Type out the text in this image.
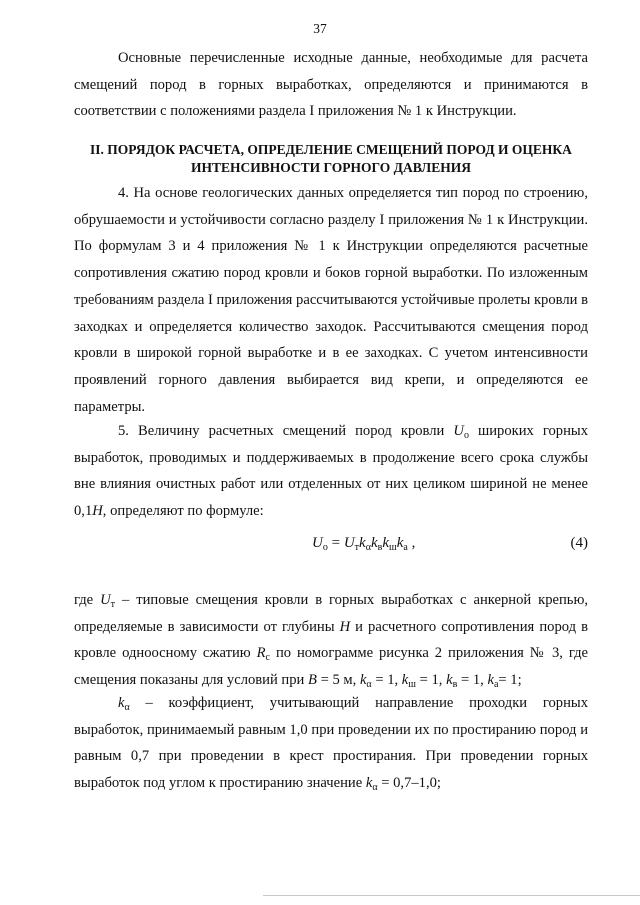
37

Основные перечисленные исходные данные, необходимые для расчета смещений пород в горных выработках, определяются и принимаются в соответствии с положениями раздела I приложения № 1 к Инструкции.

II. ПОРЯДОК РАСЧЕТА, ОПРЕДЕЛЕНИЕ СМЕЩЕНИЙ ПОРОД И ОЦЕНКА
ИНТЕНСИВНОСТИ ГОРНОГО ДАВЛЕНИЯ

4. На основе геологических данных определяется тип пород по строению, обрушаемости и устойчивости согласно разделу I приложения № 1 к Инструкции. По формулам 3 и 4 приложения № 1 к Инструкции определяются расчетные сопротивления сжатию пород кровли и боков горной выработки. По изложенным требованиям раздела I приложения рассчитываются устойчивые пролеты кровли в заходках и определяется количество заходок. Рассчитываются смещения пород кровли в широкой горной выработке и в ее заходках. С учетом интенсивности проявлений горного давления выбирается вид крепи, и определяются ее параметры.

5. Величину расчетных смещений пород кровли $U_o$ широких горных выработок, проводимых и поддерживаемых в продолжение всего срока службы вне влияния очистных работ или отделенных от них целиком шириной не менее 0,1H, определяют по формуле:

$U_o = U_тk_\alpha k_вk_шk_а$ ,	(4)

где $U_т$ – типовые смещения кровли в горных выработках с анкерной крепью, определяемые в зависимости от глубины H и расчетного сопротивления пород в кровле одноосному сжатию $R_c$ по номограмме рисунка 2 приложения № 3, где смещения показаны для условий при B = 5 м, $k_\alpha = 1$, $k_ш = 1$, $k_в = 1$, $k_а= 1$;

$k_\alpha$ – коэффициент, учитывающий направление проходки горных выработок, принимаемый равным 1,0 при проведении их по простиранию пород и равным 0,7 при проведении в крест простирания. При проведении горных выработок под углом к простиранию значение $k_\alpha = 0,7-1,0$;
